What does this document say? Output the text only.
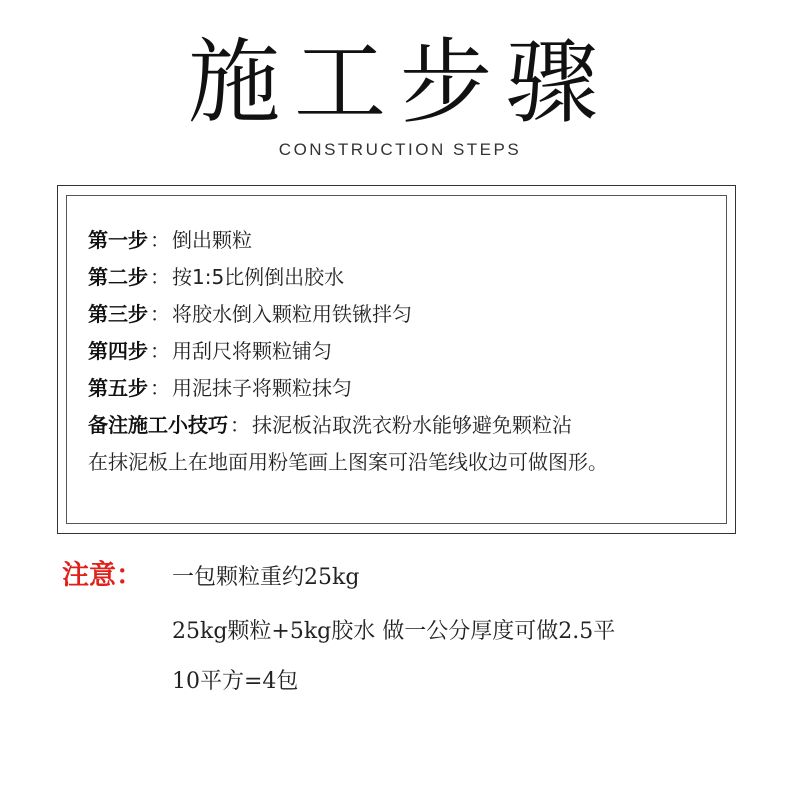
施工步骤
CONSTRUCTION STEPS
第一步 ： 倒出颗粒
第二步 ： 按1:5比例倒出胶水
第三步 ： 将胶水倒入颗粒用铁锹拌匀
第四步 ： 用刮尺将颗粒铺匀
第五步 ： 用泥抹子将颗粒抹匀
备注施工小技巧 ： 抹泥板沾取洗衣粉水能够避免颗粒沾
在抹泥板上在地面用粉笔画上图案可沿笔线收边可做图形。
注意： 一包颗粒重约25kg
25kg颗粒+5kg胶水 做一公分厚度可做2.5平
10平方=4包
